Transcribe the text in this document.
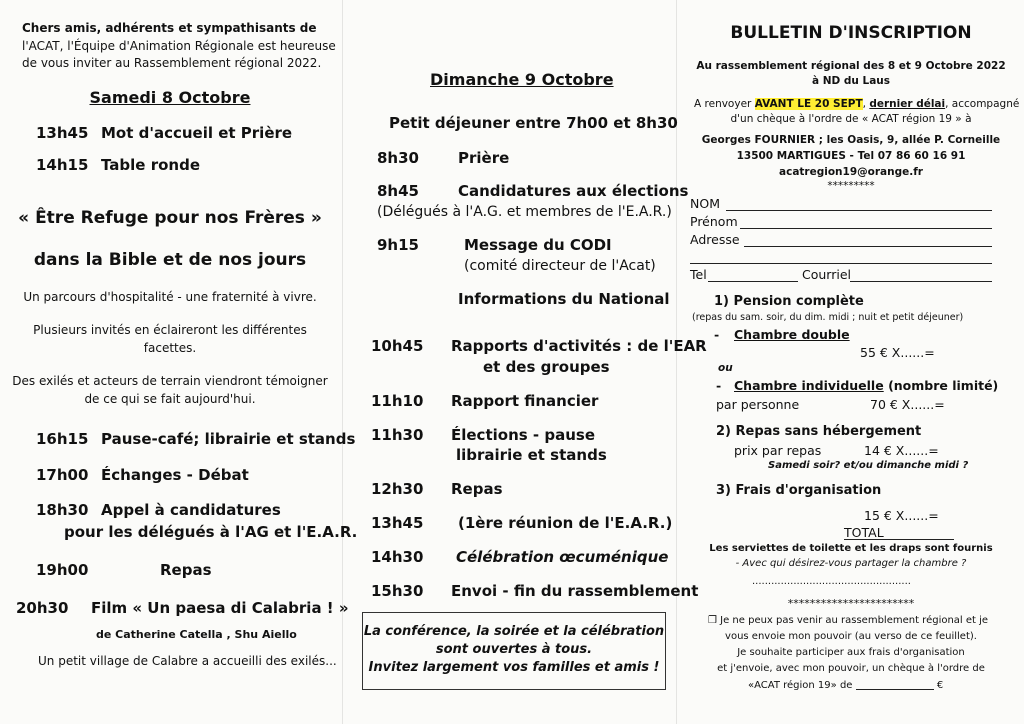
Chers amis, adhérents et sympathisants de
l'ACAT, l'Équipe d'Animation Régionale est heureuse
de vous inviter au Rassemblement régional 2022.
Samedi 8 Octobre
13h45 Mot d'accueil et Prière
14h15 Table ronde
« Être Refuge pour nos Frères »
dans la Bible et de nos jours
Un parcours d'hospitalité - une fraternité à vivre.
Plusieurs invités en éclaireront les différentes
facettes.
Des exilés et acteurs de terrain viendront témoigner
de ce qui se fait aujourd'hui.
16h15 Pause-café; librairie et stands
17h00 Échanges - Débat
18h30 Appel à candidatures
pour les délégués à l'AG et l'E.A.R.
19h00	Repas
20h30 Film « Un paesa di Calabria ! »
de Catherine Catella , Shu Aiello
Un petit village de Calabre a accueilli des exilés...
Dimanche 9 Octobre
Petit déjeuner entre 7h00 et 8h30
8h30	Prière
8h45	Candidatures aux élections
(Délégués à l'A.G. et membres de l'E.A.R.)
9h15	Message du CODI
(comité directeur de l'Acat)
Informations du National
10h45 Rapports d'activités : de l'EAR
et des groupes
11h10 Rapport financier
11h30 Élections - pause
librairie et stands
12h30 Repas
13h45 (1ère réunion de l'E.A.R.)
14h30 Célébration œcuménique
15h30 Envoi - fin du rassemblement
La conférence, la soirée et la célébration
sont ouvertes à tous.
Invitez largement vos familles et amis !
BULLETIN D'INSCRIPTION
Au rassemblement régional des 8 et 9 Octobre 2022
à ND du Laus
A renvoyer AVANT LE 20 SEPT, dernier délai, accompagné
d'un chèque à l'ordre de « ACAT région 19 » à
Georges FOURNIER ; les Oasis, 9, allée P. Corneille
13500 MARTIGUES - Tel 07 86 60 16 91
acatregion19@orange.fr
*********
NOM
Prénom
Adresse
Tel	Courriel
1) Pension complète
(repas du sam. soir, du dim. midi ; nuit et petit déjeuner)
- Chambre double
55 € X......=
ou
- Chambre individuelle (nombre limité)
par personne	70 € X......=
2) Repas sans hébergement
prix par repas	14 € X......=
Samedi soir? et/ou dimanche midi ?
3) Frais d'organisation
15 € X......=
TOTAL
Les serviettes de toilette et les draps sont fournis
- Avec qui désirez-vous partager la chambre ?
..................................................
***********************
❒ Je ne peux pas venir au rassemblement régional et je
vous envoie mon pouvoir (au verso de ce feuillet).
Je souhaite participer aux frais d'organisation
et j'envoie, avec mon pouvoir, un chèque à l'ordre de
«ACAT région 19» de	€
